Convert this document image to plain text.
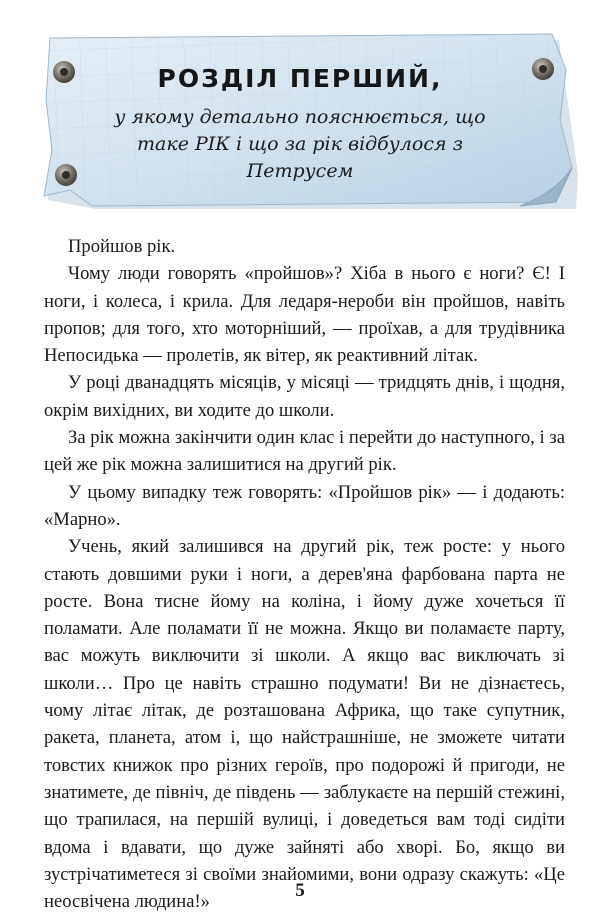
РОЗДІЛ ПЕРШИЙ,
у якому детально пояснюється, що таке РІК і що за рік відбулося з Петрусем

Пройшов рік.

Чому люди говорять «пройшов»? Хіба в нього є ноги? Є! І ноги, і колеса, і крила. Для ледаря-нероби він пройшов, навіть пропов; для того, хто моторніший, — проїхав, а для трудівника Непосидька — пролетів, як вітер, як реактивний літак.

У році дванадцять місяців, у місяці — тридцять днів, і щодня, окрім вихідних, ви ходите до школи.

За рік можна закінчити один клас і перейти до наступного, і за цей же рік можна залишитися на другий рік.

У цьому випадку теж говорять: «Пройшов рік» — і додають: «Марно».

Учень, який залишився на другий рік, теж росте: у нього стають довшими руки і ноги, а дерев'яна фарбована парта не росте. Вона тисне йому на коліна, і йому дуже хочеться її поламати. Але поламати її не можна. Якщо ви поламаєте парту, вас можуть виключити зі школи. А якщо вас виключать зі школи… Про це навіть страшно подумати! Ви не дізнаєтесь, чому літає літак, де розташована Африка, що таке супутник, ракета, планета, атом і, що найстрашніше, не зможете читати товстих книжок про різних героїв, про подорожі й пригоди, не знатимете, де північ, де південь — заблукаєте на першій стежині, що трапилася, на першій вулиці, і доведеться вам тоді сидіти вдома і вдавати, що дуже зайняті або хворі. Бо, якщо ви зустрічатиметеся зі своїми знайомими, вони одразу скажуть: «Це неосвічена людина!»

5
